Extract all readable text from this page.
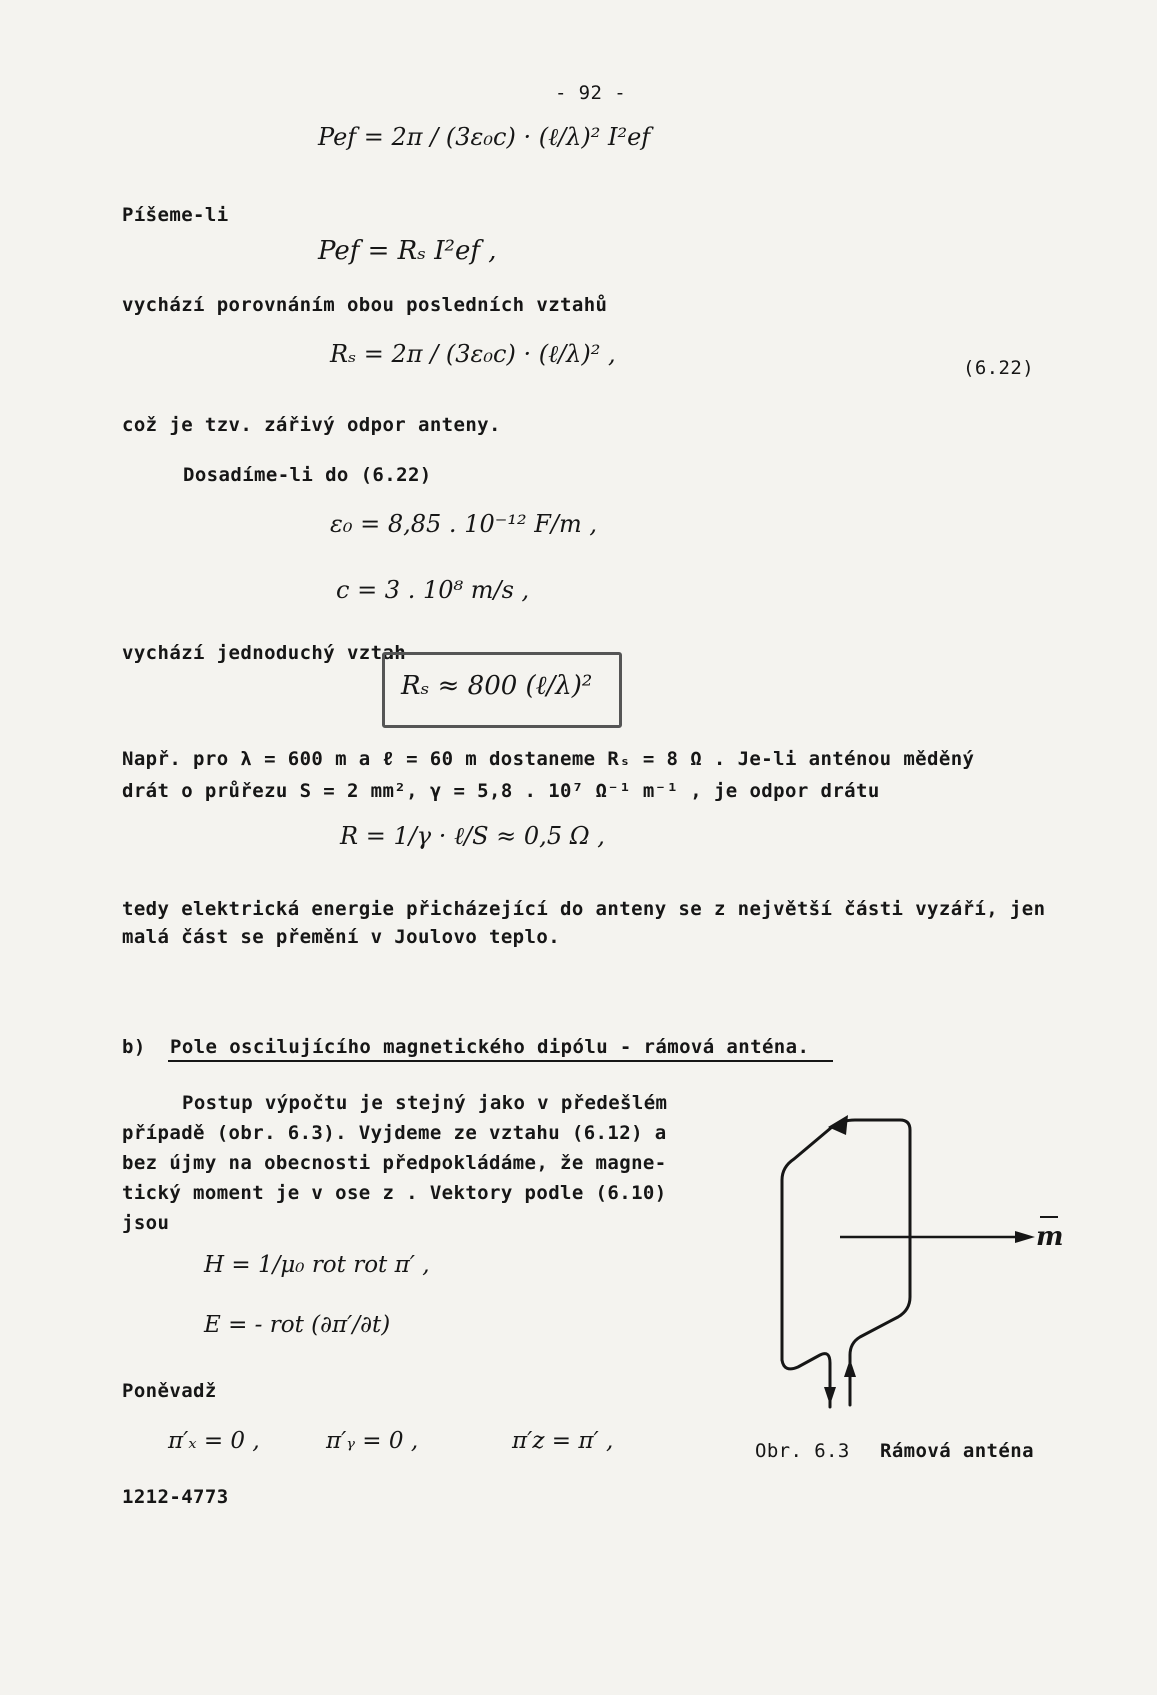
- 92 -
Pef = 2π / (3ε₀c) · (ℓ/λ)² I²ef
Píšeme-li
Pef = Rₛ I²ef ,
vychází porovnáním obou posledních vztahů
Rₛ = 2π / (3ε₀c) · (ℓ/λ)² ,	(6.22)
což je tzv. zářivý odpor anteny.
Dosadíme-li do (6.22)
ε₀ = 8,85 . 10⁻¹² F/m ,
c = 3 . 10⁸ m/s ,
vychází jednoduchý vztah
Rₛ ≈ 800 (ℓ/λ)²
Např. pro λ = 600 m a ℓ = 60 m dostaneme Rₛ = 8 Ω . Je-li anténou měděný
drát o průřezu S = 2 mm², γ = 5,8 . 10⁷ Ω⁻¹ m⁻¹ , je odpor drátu
R = 1/γ · ℓ/S ≈ 0,5 Ω ,
tedy elektrická energie přicházející do anteny se z největší části vyzáří, jen
malá část se přemění v Joulovo teplo.
b) Pole oscilujícího magnetického dipólu - rámová anténa.
Postup výpočtu je stejný jako v předešlém
případě (obr. 6.3). Vyjdeme ze vztahu (6.12) a
bez újmy na obecnosti předpokládáme, že magne-
tický moment je v ose z . Vektory podle (6.10)
jsou
H = 1/μ₀ rot rot π′ ,
E = - rot (∂π′/∂t)
Poněvadž
π′ₓ = 0 ,	π′ᵧ = 0 ,	π′z = π′ ,
m
Obr. 6.3 Rámová anténa
1212-4773
